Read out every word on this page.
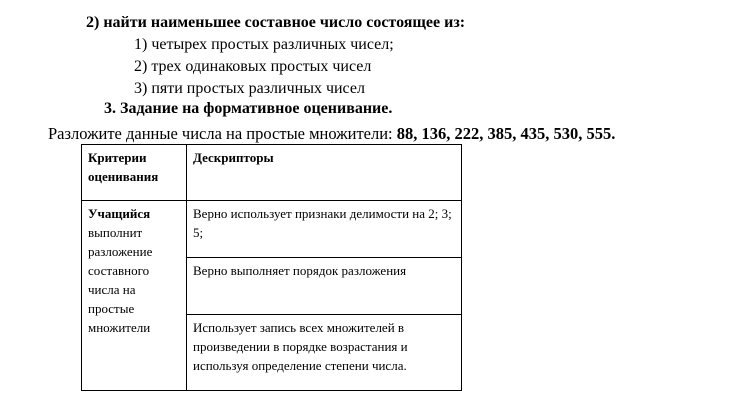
2) найти наименьшее составное число состоящее из:
1) четырех простых различных чисел;
2) трех одинаковых простых чисел
3) пяти простых различных чисел
3. Задание на формативное оценивание.
Разложите данные числа на простые множители: 88, 136, 222, 385, 435, 530, 555.
Критерии оценивания	Дескрипторы
Учащийся выполнит разложение составного числа на простые множители	Верно использует признаки делимости на 2; 3; 5;
	Верно выполняет порядок разложения
	Использует запись всех множителей в произведении в порядке возрастания и используя определение степени числа.
